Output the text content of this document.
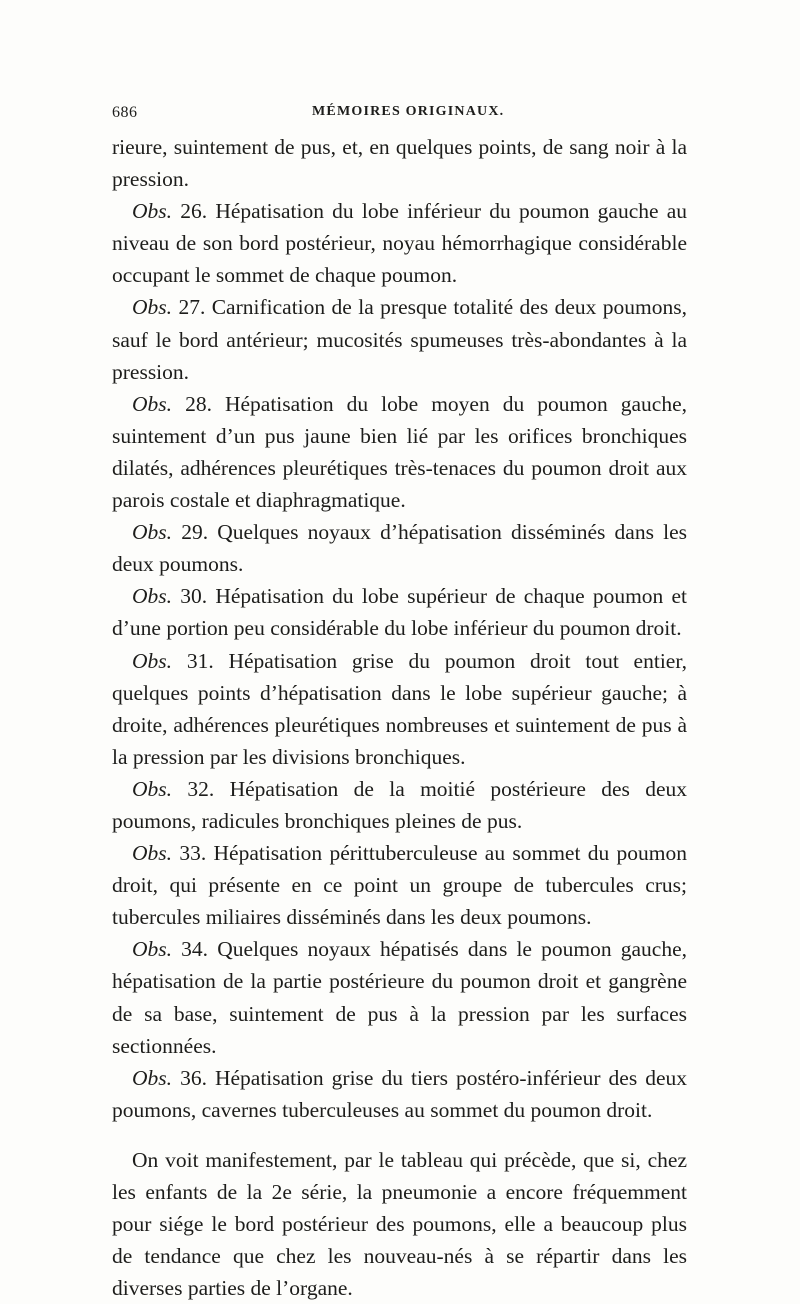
686	MÉMOIRES ORIGINAUX.

rieure, suintement de pus, et, en quelques points, de sang noir à la pression.

Obs. 26. Hépatisation du lobe inférieur du poumon gauche au niveau de son bord postérieur, noyau hémorrhagique considérable occupant le sommet de chaque poumon.

Obs. 27. Carnification de la presque totalité des deux poumons, sauf le bord antérieur; mucosités spumeuses très-abondantes à la pression.

Obs. 28. Hépatisation du lobe moyen du poumon gauche, suintement d’un pus jaune bien lié par les orifices bronchiques dilatés, adhérences pleurétiques très-tenaces du poumon droit aux parois costale et diaphragmatique.

Obs. 29. Quelques noyaux d’hépatisation disséminés dans les deux poumons.

Obs. 30. Hépatisation du lobe supérieur de chaque poumon et d’une portion peu considérable du lobe inférieur du poumon droit.

Obs. 31. Hépatisation grise du poumon droit tout entier, quelques points d’hépatisation dans le lobe supérieur gauche; à droite, adhérences pleurétiques nombreuses et suintement de pus à la pression par les divisions bronchiques.

Obs. 32. Hépatisation de la moitié postérieure des deux poumons, radicules bronchiques pleines de pus.

Obs. 33. Hépatisation périttuberculeuse au sommet du poumon droit, qui présente en ce point un groupe de tubercules crus; tubercules miliaires disséminés dans les deux poumons.

Obs. 34. Quelques noyaux hépatisés dans le poumon gauche, hépatisation de la partie postérieure du poumon droit et gangrène de sa base, suintement de pus à la pression par les surfaces sectionnées.

Obs. 36. Hépatisation grise du tiers postéro-inférieur des deux poumons, cavernes tuberculeuses au sommet du poumon droit.

On voit manifestement, par le tableau qui précède, que si, chez les enfants de la 2e série, la pneumonie a encore fréquemment pour siége le bord postérieur des poumons, elle a beaucoup plus de tendance que chez les nouveau-nés à se répartir dans les diverses parties de l’organe.
